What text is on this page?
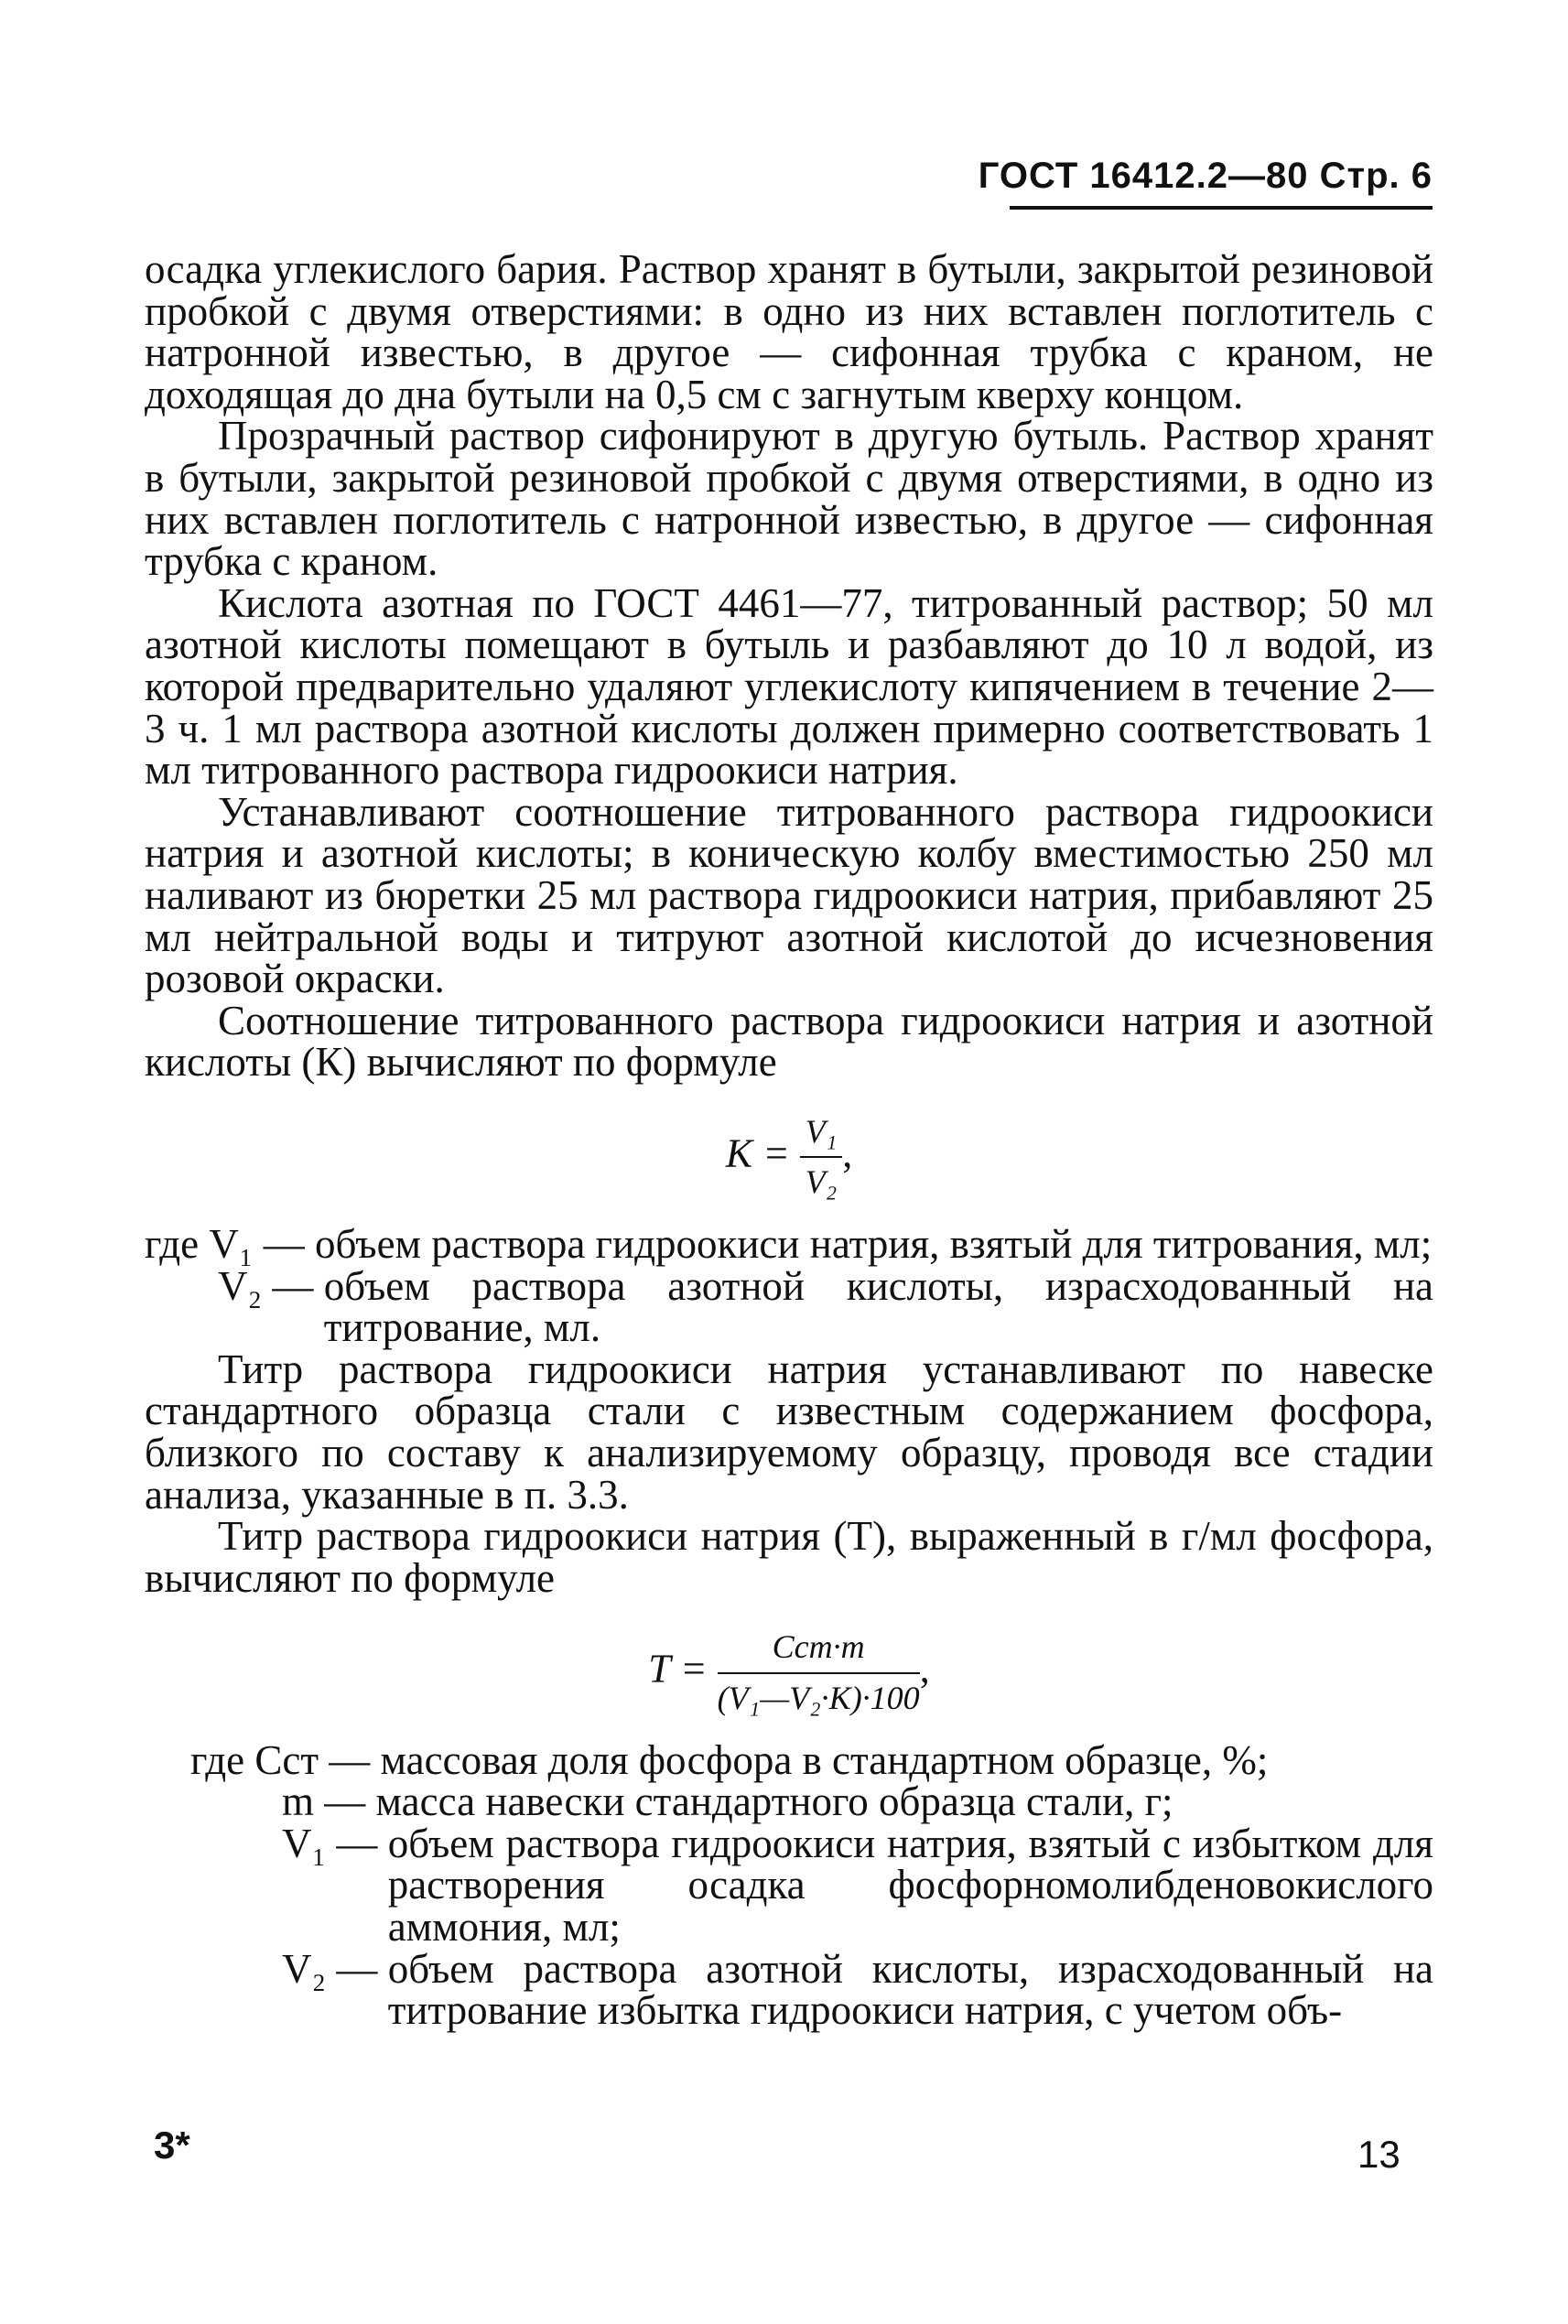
ГОСТ 16412.2—80 Стр. 6

осадка углекислого бария. Раствор хранят в бутыли, закрытой резиновой пробкой с двумя отверстиями: в одно из них вставлен поглотитель с натронной известью, в другое — сифонная трубка с краном, не доходящая до дна бутыли на 0,5 см с загнутым кверху концом.

Прозрачный раствор сифонируют в другую бутыль. Раствор хранят в бутыли, закрытой резиновой пробкой с двумя отверстиями, в одно из них вставлен поглотитель с натронной известью, в другое — сифонная трубка с краном.

Кислота азотная по ГОСТ 4461—77, титрованный раствор; 50 мл азотной кислоты помещают в бутыль и разбавляют до 10 л водой, из которой предварительно удаляют углекислоту кипячением в течение 2—3 ч. 1 мл раствора азотной кислоты должен примерно соответствовать 1 мл титрованного раствора гидроокиси натрия.

Устанавливают соотношение титрованного раствора гидроокиси натрия и азотной кислоты; в коническую колбу вместимостью 250 мл наливают из бюретки 25 мл раствора гидроокиси натрия, прибавляют 25 мл нейтральной воды и титруют азотной кислотой до исчезновения розовой окраски.

Соотношение титрованного раствора гидроокиси натрия и азотной кислоты (К) вычисляют по формуле

$K = \frac{\text{V₁}}{\text{V₂}}$ ,
где V₁ — объем раствора гидроокиси натрия, взятый для титрования, мл;
V₂ — объем раствора азотной кислоты, израсходованный на титрование, мл.

Титр раствора гидроокиси натрия устанавливают по навеске стандартного образца стали с известным содержанием фосфора, близкого по составу к анализируемому образцу, проводя все стадии анализа, указанные в п. 3.3.

Титр раствора гидроокиси натрия (Т), выраженный в г/мл фосфора, вычисляют по формуле

$T = \frac{\text{Cст·m}}{\text{(V₁—V₂·K)·100}}$ ,
где Cст — массовая доля фосфора в стандартном образце, %;
m — масса навески стандартного образца стали, г;
V₁ — объем раствора гидроокиси натрия, взятый с избытком для растворения осадка фосфорномолибденовокислого аммония, мл;
V₂ — объем раствора азотной кислоты, израсходованный на титрование избытка гидроокиси натрия, с учетом объ-
3*	13
